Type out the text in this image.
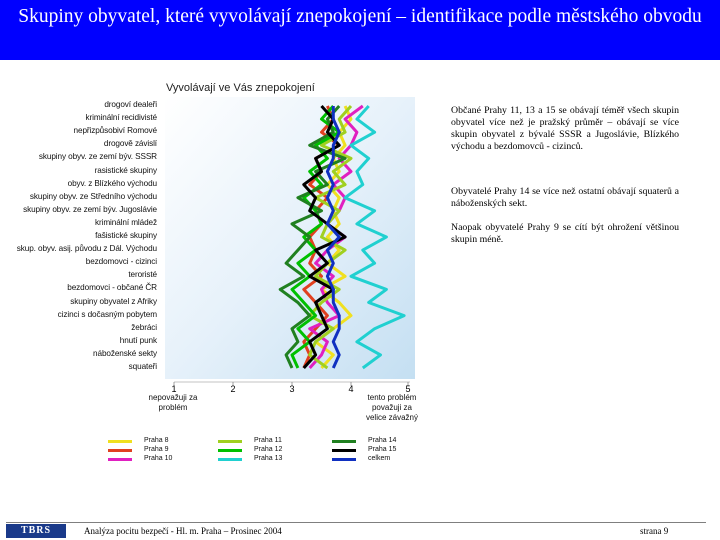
Skupiny obyvatel, které vyvolávají znepokojení – identifikace podle městského obvodu
Vyvolávají ve Vás znepokojení
drogoví dealeři
kriminální recidivisté
nepřizpůsobiví Romové
drogově závislí
skupiny obyv. ze zemí býv. SSSR
rasistické skupiny
obyv. z Blízkého východu
skupiny obyv. ze Středního východu
skupiny obyv. ze zemí býv. Jugoslávie
kriminální mládež
fašistické skupiny
skup. obyv. asij. původu z Dál. Východu
bezdomovci - cizinci
teroristé
bezdomovci - občané ČR
skupiny obyvatel z Afriky
cizinci s dočasným pobytem
žebráci
hnutí punk
náboženské sekty
squateři
1	2	3	4	5
nepovažuji za problém
tento problém považuji za velice závažný
Praha 8
Praha 9
Praha 10
Praha 11
Praha 12
Praha 13
Praha 14
Praha 15
celkem
Občané Prahy 11, 13 a 15 se obávají téměř všech skupin obyvatel více než je pražský průměr – obávají se více skupin obyvatel z bývalé SSSR a Jugoslávie, Blízkého východu a bezdomovců - cizinců.
Obyvatelé Prahy 14 se více než ostatní obávají squaterů a náboženských sekt.
Naopak obyvatelé Prahy 9 se cítí být ohrožení většinou skupin méně.
TBRS	Analýza pocitu bezpečí - Hl. m. Praha – Prosinec 2004	strana 9
